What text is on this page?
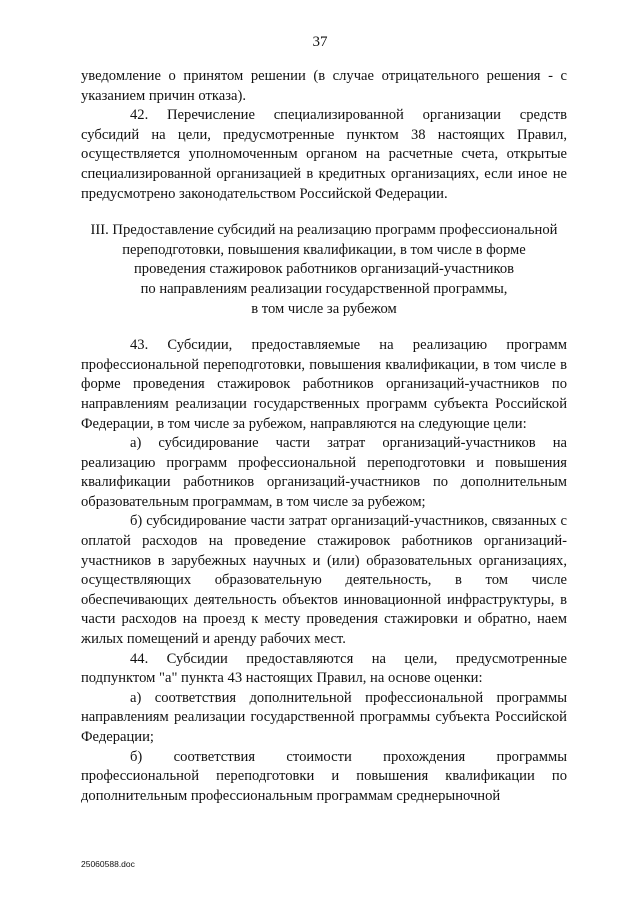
37

уведомление о принятом решении (в случае отрицательного решения - с указанием причин отказа).

42. Перечисление специализированной организации средств субсидий на цели, предусмотренные пунктом 38 настоящих Правил, осуществляется уполномоченным органом на расчетные счета, открытые специализированной организацией в кредитных организациях, если иное не предусмотрено законодательством Российской Федерации.

III. Предоставление субсидий на реализацию программ профессиональной
переподготовки, повышения квалификации, в том числе в форме
проведения стажировок работников организаций-участников
по направлениям реализации государственной программы,
в том числе за рубежом

43. Субсидии, предоставляемые на реализацию программ профессиональной переподготовки, повышения квалификации, в том числе в форме проведения стажировок работников организаций-участников по направлениям реализации государственных программ субъекта Российской Федерации, в том числе за рубежом, направляются на следующие цели:

а) субсидирование части затрат организаций-участников на реализацию программ профессиональной переподготовки и повышения квалификации работников организаций-участников по дополнительным образовательным программам, в том числе за рубежом;

б) субсидирование части затрат организаций-участников, связанных с оплатой расходов на проведение стажировок работников организаций-участников в зарубежных научных и (или) образовательных организациях, осуществляющих образовательную деятельность, в том числе обеспечивающих деятельность объектов инновационной инфраструктуры, в части расходов на проезд к месту проведения стажировки и обратно, наем жилых помещений и аренду рабочих мест.

44. Субсидии предоставляются на цели, предусмотренные подпунктом "а" пункта 43 настоящих Правил, на основе оценки:

а) соответствия дополнительной профессиональной программы направлениям реализации государственной программы субъекта Российской Федерации;

б) соответствия стоимости прохождения программы профессиональной переподготовки и повышения квалификации по дополнительным профессиональным программам среднерыночной

25060588.doc
